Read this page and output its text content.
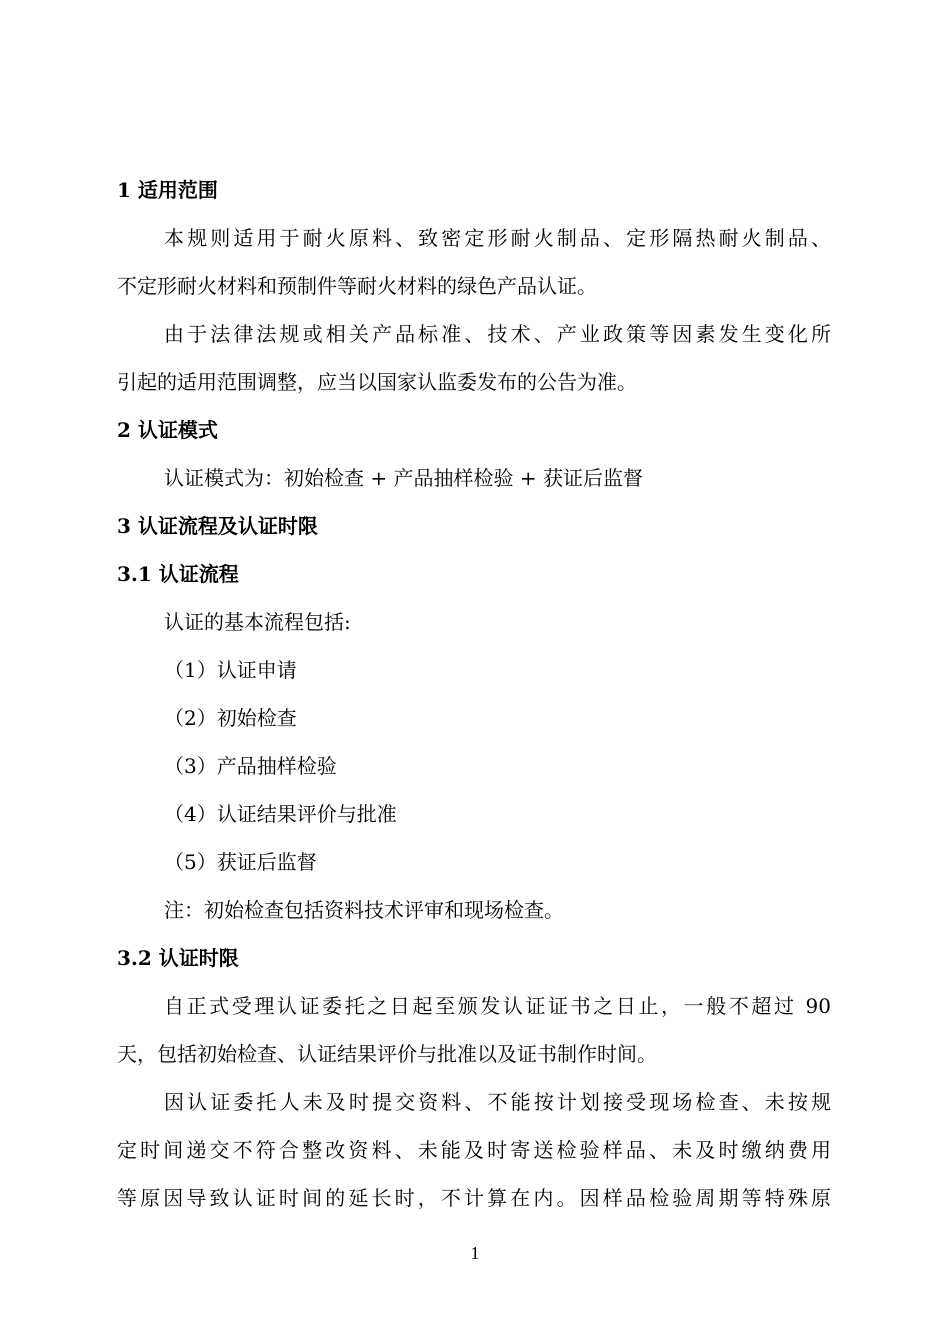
1 适用范围
本规则适用于耐火原料、致密定形耐火制品、定形隔热耐火制品、
不定形耐火材料和预制件等耐火材料的绿色产品认证。
由于法律法规或相关产品标准、技术、产业政策等因素发生变化所
引起的适用范围调整，应当以国家认监委发布的公告为准。
2 认证模式
认证模式为：初始检查 + 产品抽样检验 + 获证后监督
3 认证流程及认证时限
3.1 认证流程
认证的基本流程包括:
（1）认证申请
（2）初始检查
（3）产品抽样检验
（4）认证结果评价与批准
（5）获证后监督
注：初始检查包括资料技术评审和现场检查。
3.2 认证时限
自正式受理认证委托之日起至颁发认证证书之日止，一般不超过 90
天，包括初始检查、认证结果评价与批准以及证书制作时间。
因认证委托人未及时提交资料、不能按计划接受现场检查、未按规
定时间递交不符合整改资料、未能及时寄送检验样品、未及时缴纳费用
等原因导致认证时间的延长时，不计算在内。因样品检验周期等特殊原
1
